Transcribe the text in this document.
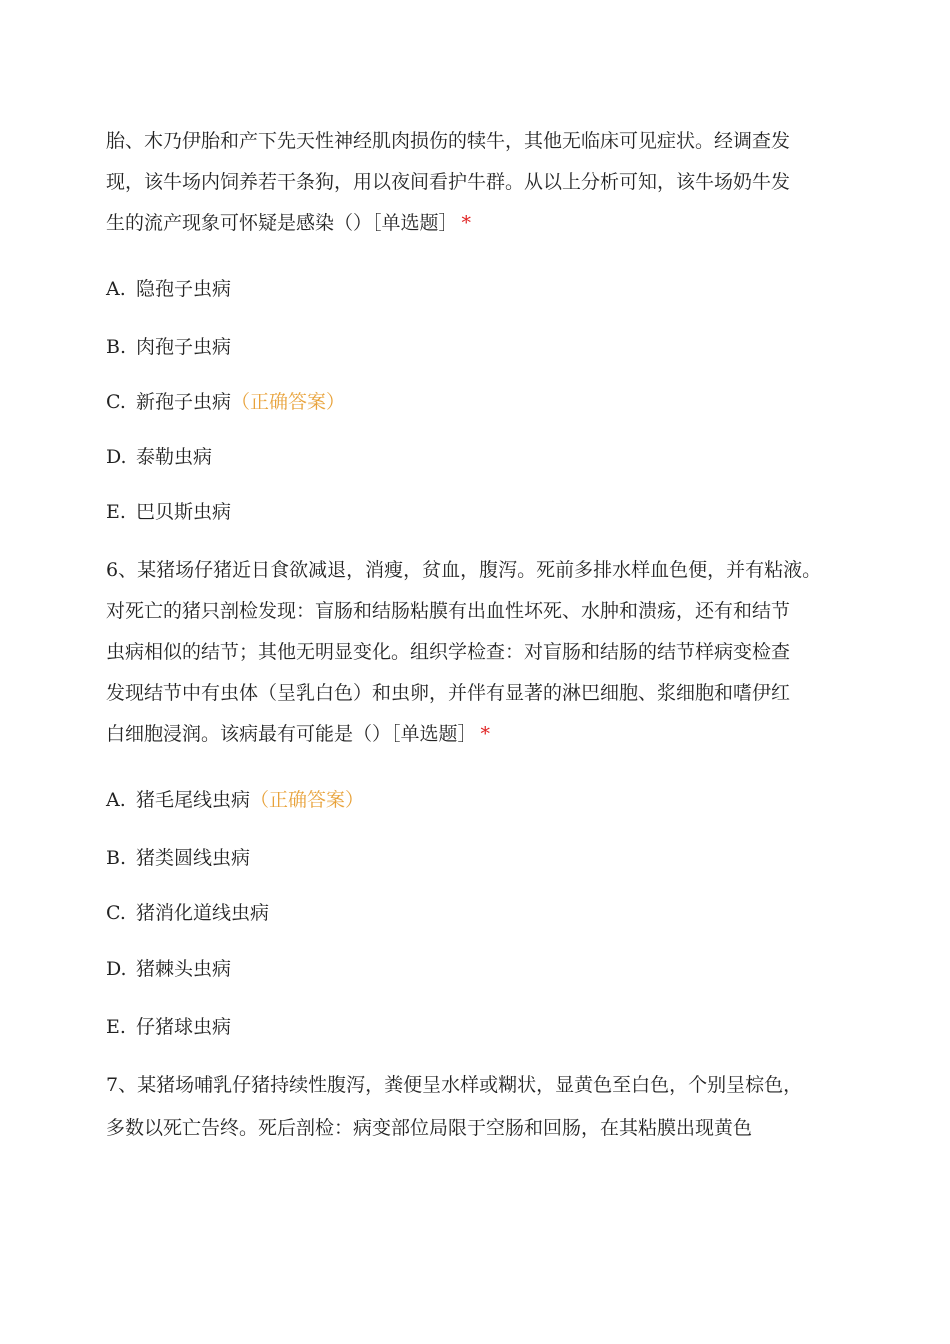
胎、木乃伊胎和产下先天性神经肌肉损伤的犊牛，其他无临床可见症状。经调查发
现，该牛场内饲养若干条狗，用以夜间看护牛群。从以上分析可知，该牛场奶牛发
生的流产现象可怀疑是感染（）［单选题］ *
A. 隐孢子虫病
B. 肉孢子虫病
C. 新孢子虫病（正确答案）
D. 泰勒虫病
E. 巴贝斯虫病
6、某猪场仔猪近日食欲减退，消瘦，贫血，腹泻。死前多排水样血色便，并有粘液。
对死亡的猪只剖检发现：盲肠和结肠粘膜有出血性坏死、水肿和溃疡，还有和结节
虫病相似的结节；其他无明显变化。组织学检查：对盲肠和结肠的结节样病变检查
发现结节中有虫体（呈乳白色）和虫卵，并伴有显著的淋巴细胞、浆细胞和嗜伊红
白细胞浸润。该病最有可能是（）［单选题］ *
A. 猪毛尾线虫病（正确答案）
B. 猪类圆线虫病
C. 猪消化道线虫病
D. 猪棘头虫病
E. 仔猪球虫病
7、某猪场哺乳仔猪持续性腹泻，粪便呈水样或糊状，显黄色至白色，个别呈棕色，
多数以死亡告终。死后剖检：病变部位局限于空肠和回肠，在其粘膜出现黄色
